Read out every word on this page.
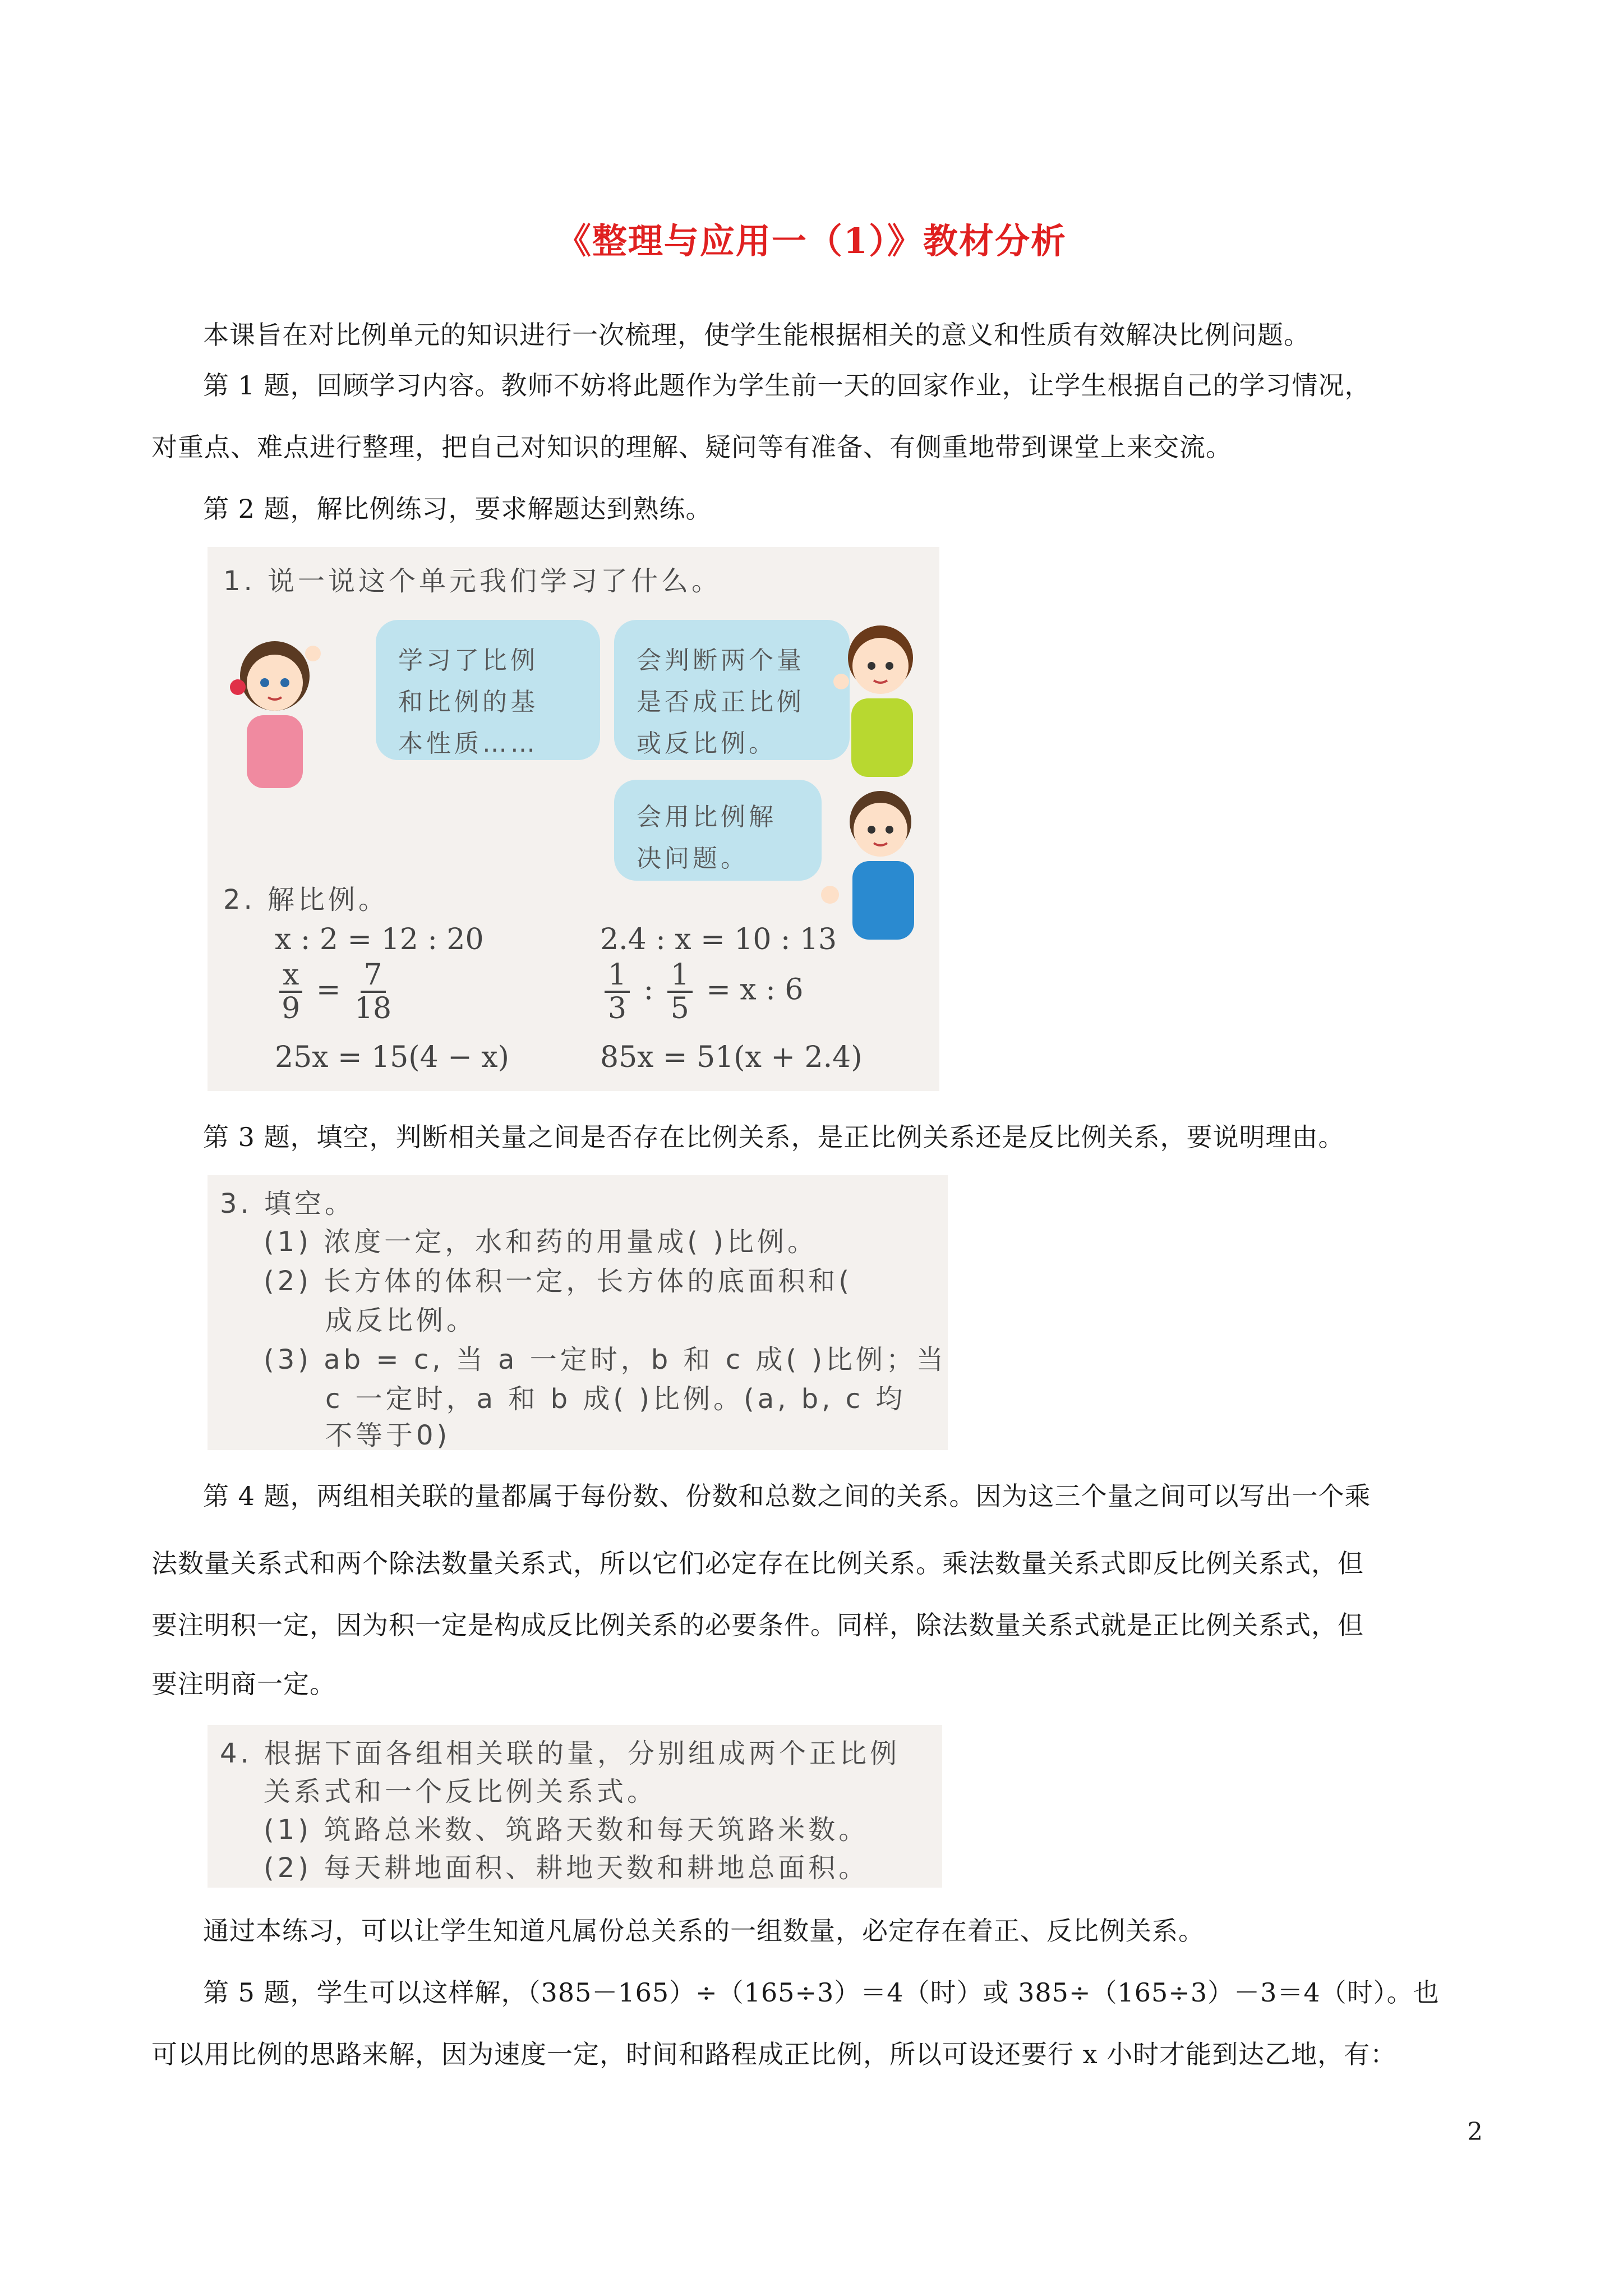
《整理与应用一（1）》教材分析
本课旨在对比例单元的知识进行一次梳理，使学生能根据相关的意义和性质有效解决比例问题。
第 1 题，回顾学习内容。教师不妨将此题作为学生前一天的回家作业，让学生根据自己的学习情况，
对重点、难点进行整理，把自己对知识的理解、疑问等有准备、有侧重地带到课堂上来交流。
第 2 题，解比例练习，要求解题达到熟练。
1. 说一说这个单元我们学习了什么。
学习了比例
和比例的基
本性质……
会判断两个量
是否成正比例
或反比例。
会用比例解
决问题。
2. 解比例。
x : 2 = 12 : 20
$\frac{x}{9} = \frac{7}{18}$
25x = 15(4 − x)
2.4 : x = 10 : 13
$\frac{1}{3}$ : $\frac{1}{5} = x$ : 6
85x = 51(x + 2.4)
第 3 题，填空，判断相关量之间是否存在比例关系，是正比例关系还是反比例关系，要说明理由。
3. 填空。
(1) 浓度一定，水和药的用量成( )比例。
(2) 长方体的体积一定，长方体的底面积和(
成反比例。
(3) ab = c, 当 a 一定时，b 和 c 成( )比例；当
c 一定时，a 和 b 成( )比例。(a, b, c 均
不等于0)
第 4 题，两组相关联的量都属于每份数、份数和总数之间的关系。因为这三个量之间可以写出一个乘
法数量关系式和两个除法数量关系式，所以它们必定存在比例关系。乘法数量关系式即反比例关系式，但
要注明积一定，因为积一定是构成反比例关系的必要条件。同样，除法数量关系式就是正比例关系式，但
要注明商一定。
4. 根据下面各组相关联的量，分别组成两个正比例
关系式和一个反比例关系式。
(1) 筑路总米数、筑路天数和每天筑路米数。
(2) 每天耕地面积、耕地天数和耕地总面积。
通过本练习，可以让学生知道凡属份总关系的一组数量，必定存在着正、反比例关系。
第 5 题，学生可以这样解，（385－165）÷（165÷3）＝4（时）或 385÷（165÷3）－3＝4（时）。也
可以用比例的思路来解，因为速度一定，时间和路程成正比例，所以可设还要行 x 小时才能到达乙地，有：
2
